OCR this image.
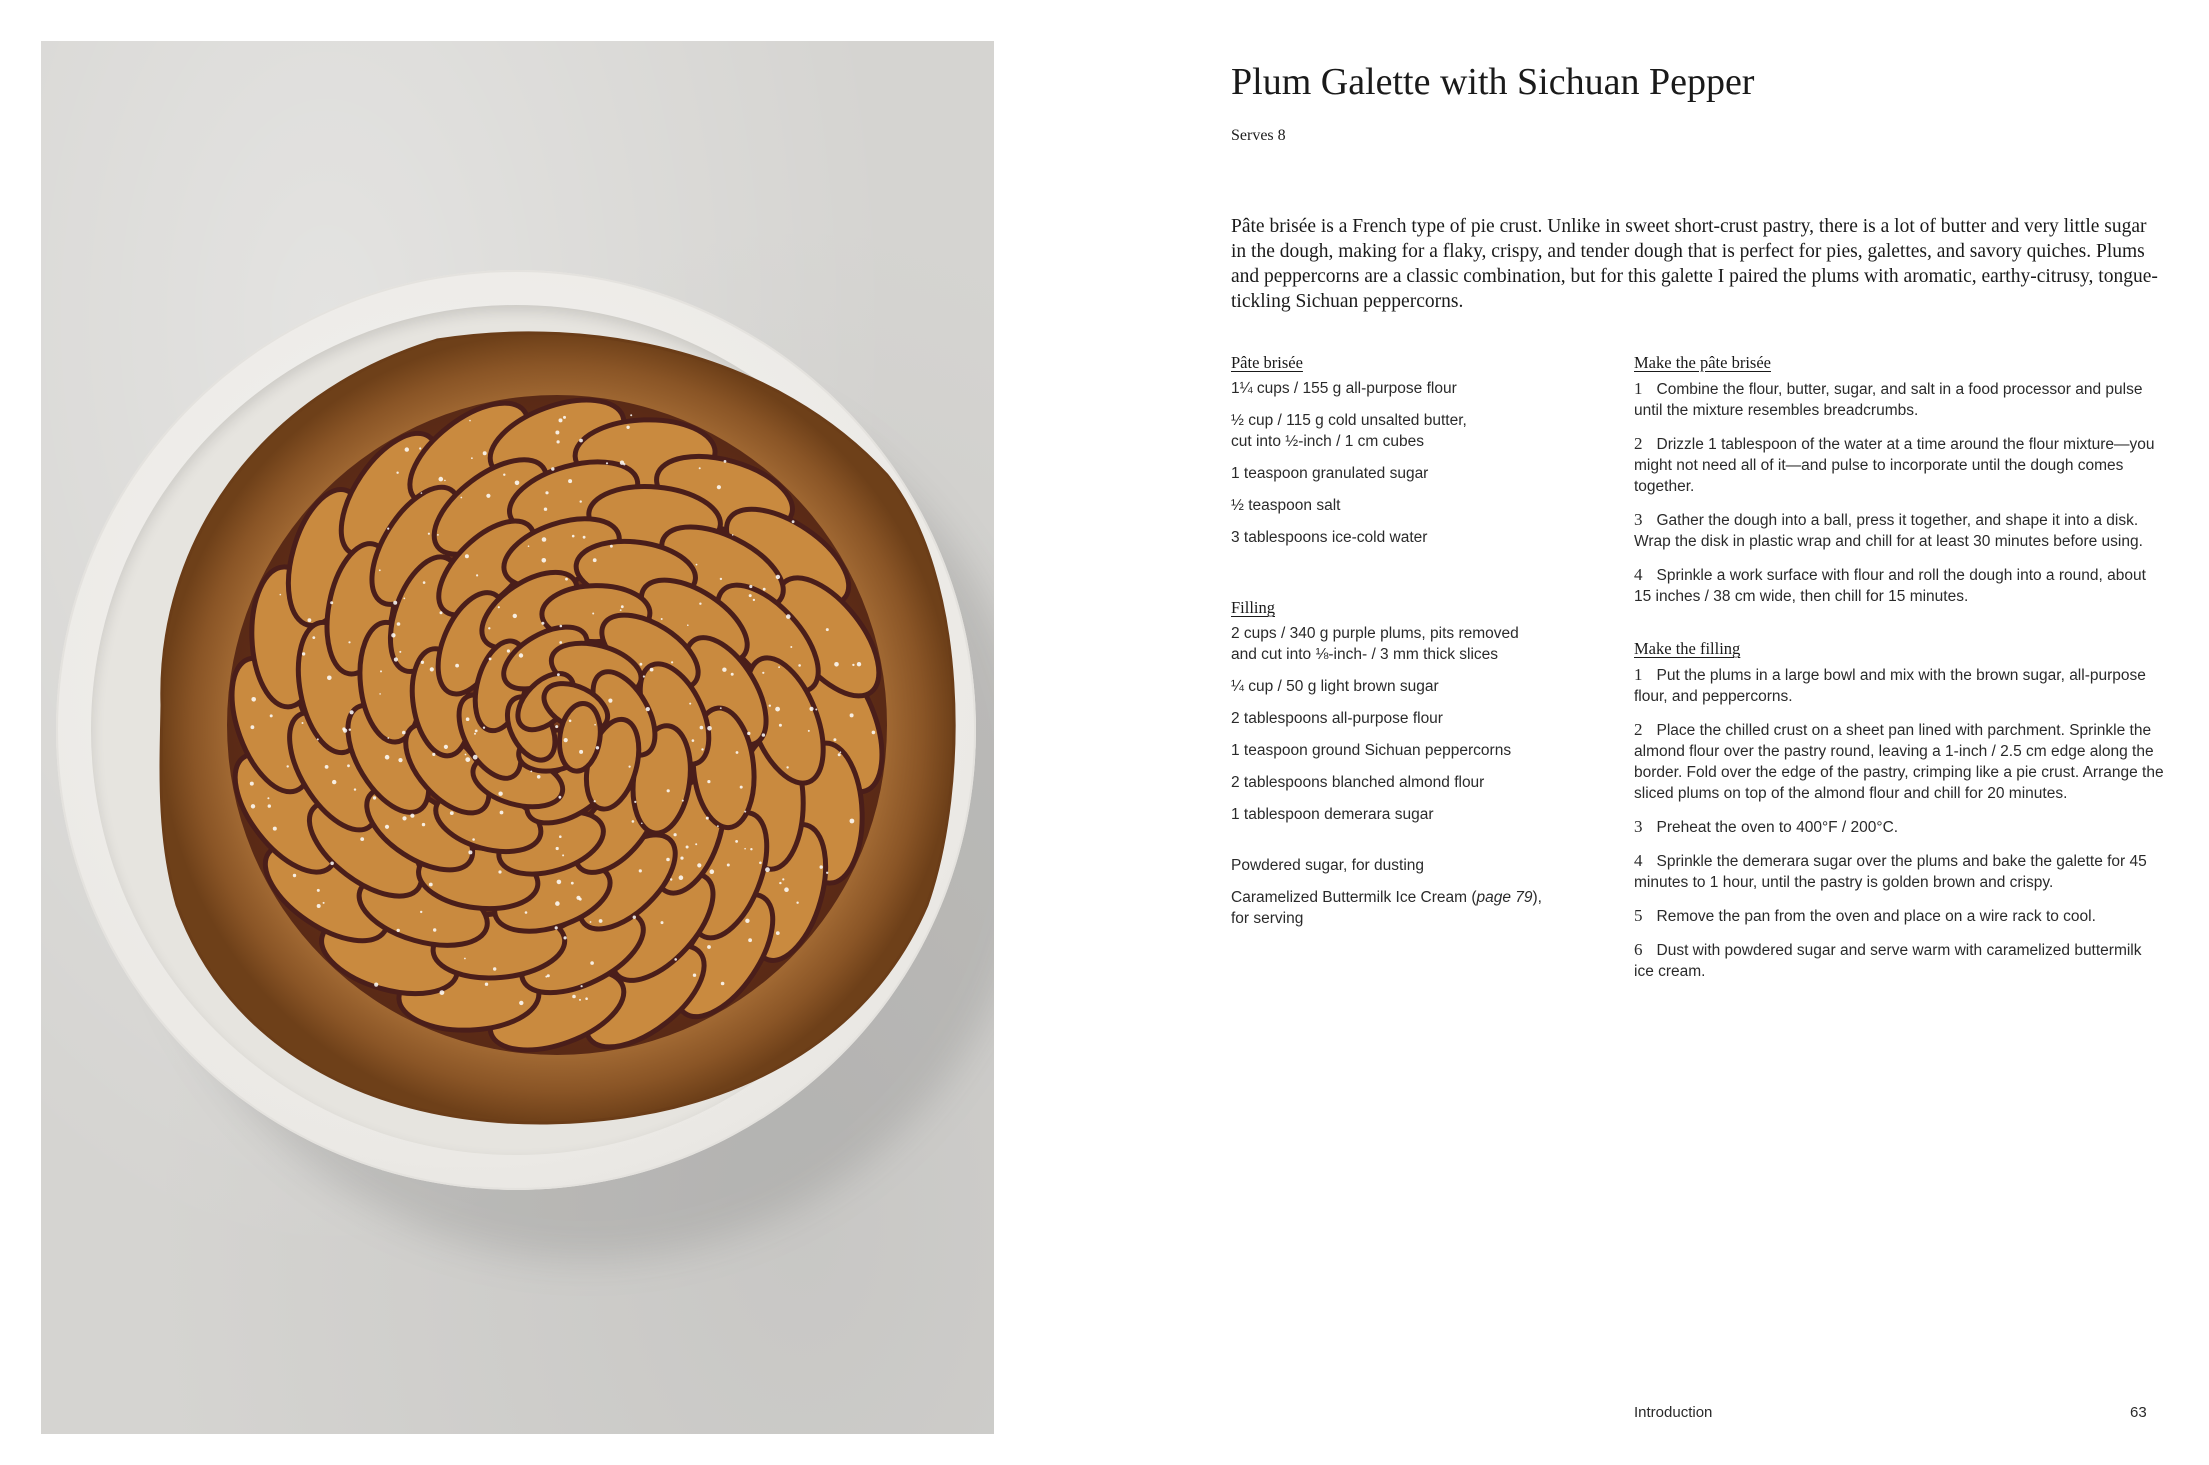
Plum Galette with Sichuan Pepper
Serves 8

Pâte brisée is a French type of pie crust. Unlike in sweet short-crust pastry, there is a lot of butter and very little sugar in the dough, making for a flaky, crispy, and tender dough that is perfect for pies, galettes, and savory quiches. Plums and peppercorns are a classic combination, but for this galette I paired the plums with aromatic, earthy-citrusy, tongue-tickling Sichuan peppercorns.

Pâte brisée

1¼ cups / 155 g all-purpose flour

½ cup / 115 g cold unsalted butter,
cut into ½-inch / 1 cm cubes

1 teaspoon granulated sugar

½ teaspoon salt

3 tablespoons ice-cold water

Filling

2 cups / 340 g purple plums, pits removed
and cut into ⅛-inch- / 3 mm thick slices

¼ cup / 50 g light brown sugar

2 tablespoons all-purpose flour

1 teaspoon ground Sichuan peppercorns

2 tablespoons blanched almond flour

1 tablespoon demerara sugar

Powdered sugar, for dusting

Caramelized Buttermilk Ice Cream (page 79),
for serving

Make the pâte brisée
1 Combine the flour, butter, sugar, and salt in a food processor and pulse until the mixture resembles breadcrumbs.
2 Drizzle 1 tablespoon of the water at a time around the flour mixture—you might not need all of it—and pulse to incorporate until the dough comes together.
3 Gather the dough into a ball, press it together, and shape it into a disk. Wrap the disk in plastic wrap and chill for at least 30 minutes before using.
4 Sprinkle a work surface with flour and roll the dough into a round, about 15 inches / 38 cm wide, then chill for 15 minutes.
Make the filling
1 Put the plums in a large bowl and mix with the brown sugar, all-purpose flour, and peppercorns.
2 Place the chilled crust on a sheet pan lined with parchment. Sprinkle the almond flour over the pastry round, leaving a 1-inch / 2.5 cm edge along the border. Fold over the edge of the pastry, crimping like a pie crust. Arrange the sliced plums on top of the almond flour and chill for 20 minutes.
3 Preheat the oven to 400°F / 200°C.
4 Sprinkle the demerara sugar over the plums and bake the galette for 45 minutes to 1 hour, until the pastry is golden brown and crispy.
5 Remove the pan from the oven and place on a wire rack to cool.
6 Dust with powdered sugar and serve warm with caramelized buttermilk ice cream.
Introduction	63
